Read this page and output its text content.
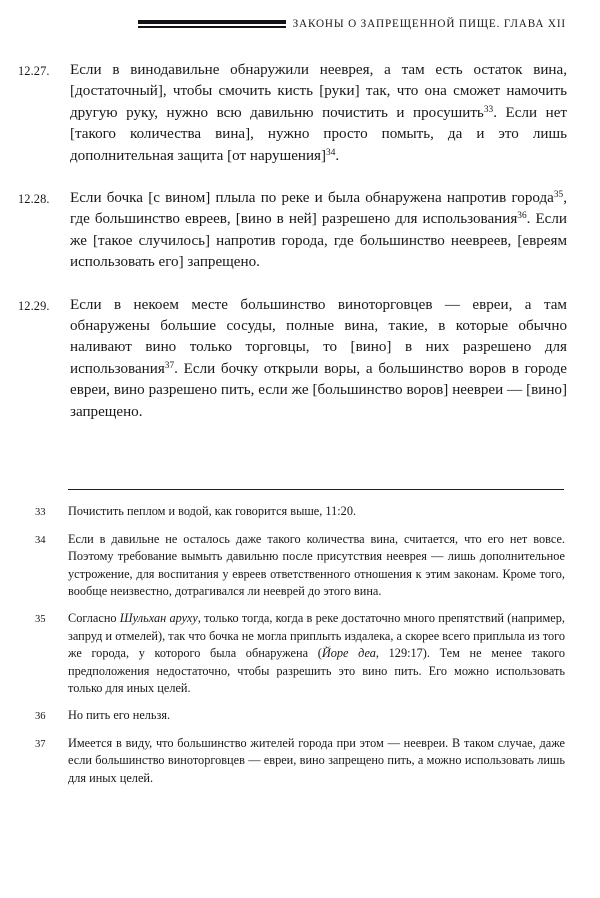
ЗАКОНЫ О ЗАПРЕЩЕННОЙ ПИЩЕ. ГЛАВА XII
12.27.	Если в винодавильне обнаружили нееврея, а там есть остаток вина, [достаточный], чтобы смочить кисть [руки] так, что она сможет намочить другую руку, нужно всю давильню почистить и просушить$^{33}$. Если нет [такого количества вина], нужно просто помыть, да и это лишь дополнительная защита [от нарушения]$^{34}$.
12.28.	Если бочка [с вином] плыла по реке и была обнаружена напротив города$^{35}$, где большинство евреев, [вино в ней] разрешено для использования$^{36}$. Если же [такое случилось] напротив города, где большинство неевреев, [евреям использовать его] запрещено.
12.29.	Если в некоем месте большинство виноторговцев — евреи, а там обнаружены большие сосуды, полные вина, такие, в которые обычно наливают вино только торговцы, то [вино] в них разрешено для использования$^{37}$. Если бочку открыли воры, а большинство воров в городе евреи, вино разрешено пить, если же [большинство воров] неевреи — [вино] запрещено.
33	Почистить пеплом и водой, как говорится выше, 11:20.
34	Если в давильне не осталось даже такого количества вина, считается, что его нет вовсе. Поэтому требование вымыть давильню после присутствия нееврея — лишь дополнительное устрожение, для воспитания у евреев ответственного отношения к этим законам. Кроме того, вообще неизвестно, дотрагивался ли нееврей до этого вина.
35	Согласно Шульхан аруху, только тогда, когда в реке достаточно много препятствий (например, запруд и отмелей), так что бочка не могла приплыть издалека, а скорее всего приплыла из того же города, у которого была обнаружена (Йоре деа, 129:17). Тем не менее такого предположения недостаточно, чтобы разрешить это вино пить. Его можно использовать только для иных целей.
36	Но пить его нельзя.
37	Имеется в виду, что большинство жителей города при этом — неевреи. В таком случае, даже если большинство виноторговцев — евреи, вино запрещено пить, а можно использовать лишь для иных целей.
